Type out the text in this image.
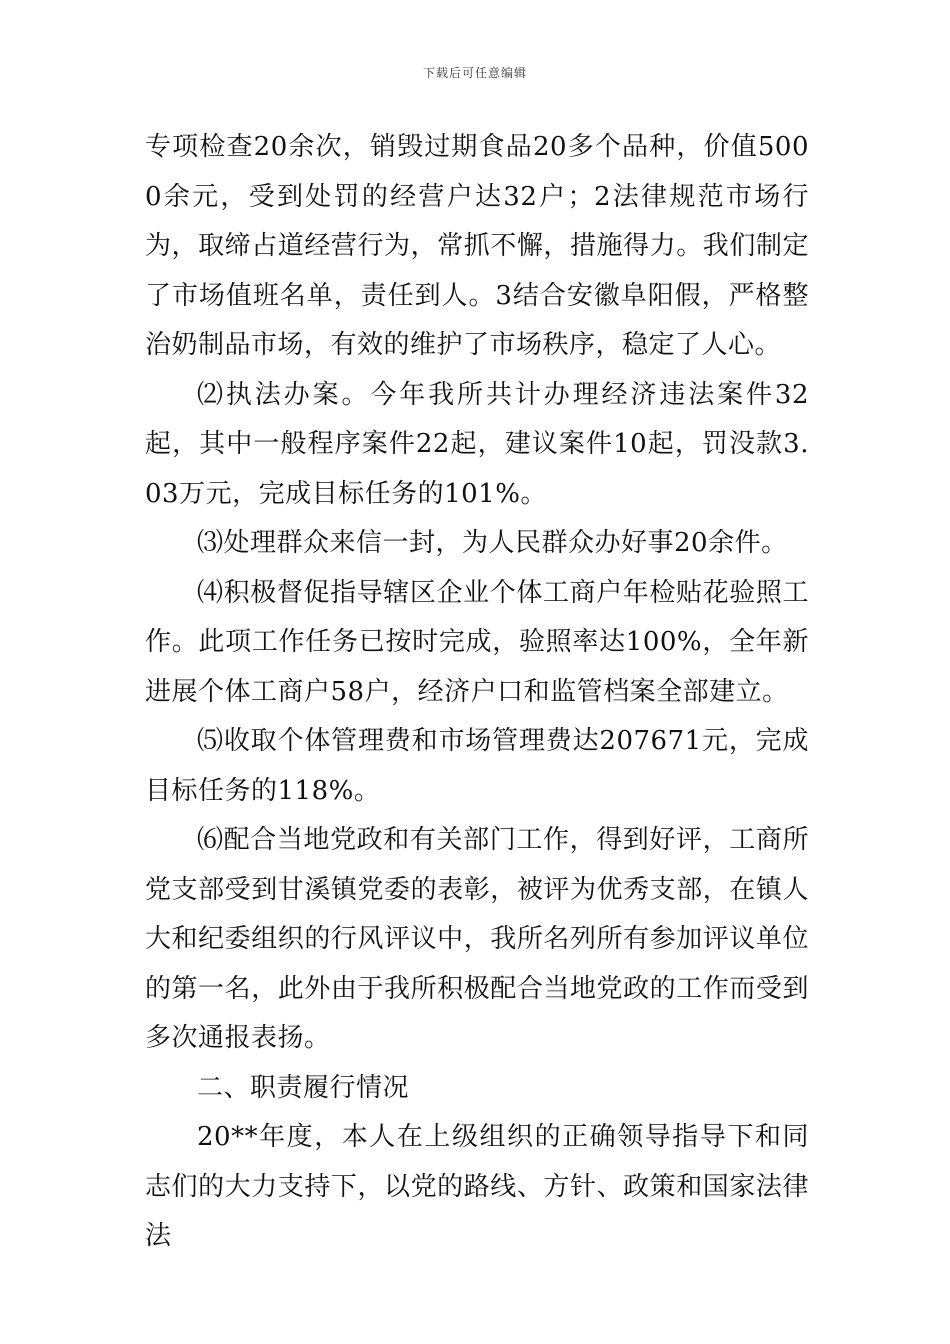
下载后可任意编辑

专项检查20余次，销毁过期食品20多个品种，价值5000余元，受到处罚的经营户达32户；2法律规范市场行为，取缔占道经营行为，常抓不懈，措施得力。我们制定了市场值班名单，责任到人。3结合安徽阜阳假，严格整治奶制品市场，有效的维护了市场秩序，稳定了人心。

⑵执法办案。今年我所共计办理经济违法案件32起，其中一般程序案件22起，建议案件10起，罚没款3.03万元，完成目标任务的101%。

⑶处理群众来信一封，为人民群众办好事20余件。

⑷积极督促指导辖区企业个体工商户年检贴花验照工作。此项工作任务已按时完成，验照率达100%，全年新进展个体工商户58户，经济户口和监管档案全部建立。

⑸收取个体管理费和市场管理费达207671元，完成目标任务的118%。

⑹配合当地党政和有关部门工作，得到好评，工商所党支部受到甘溪镇党委的表彰，被评为优秀支部，在镇人大和纪委组织的行风评议中，我所名列所有参加评议单位的第一名，此外由于我所积极配合当地党政的工作而受到多次通报表扬。

二、职责履行情况

20**年度，本人在上级组织的正确领导指导下和同志们的大力支持下，以党的路线、方针、政策和国家法律法
